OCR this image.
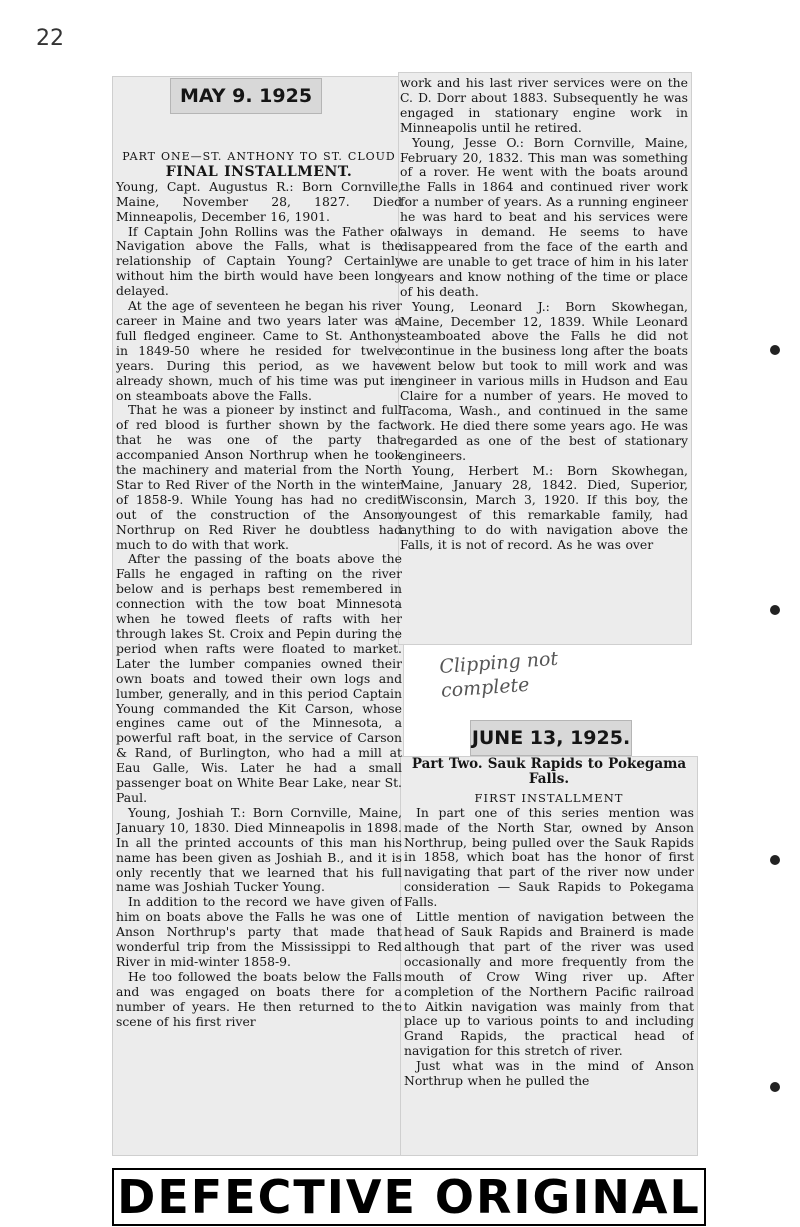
22
MAY 9. 1925

PART ONE—ST. ANTHONY TO ST. CLOUD

FINAL INSTALLMENT.

Young, Capt. Augustus R.: Born Cornville, Maine, November 28, 1827. Died Minneapolis, December 16, 1901.

If Captain John Rollins was the Father of Navigation above the Falls, what is the relationship of Captain Young? Certainly without him the birth would have been long delayed.

At the age of seventeen he began his river career in Maine and two years later was a full fledged engineer. Came to St. Anthony in 1849-50 where he resided for twelve years. During this period, as we have already shown, much of his time was put in on steamboats above the Falls.

That he was a pioneer by instinct and full of red blood is further shown by the fact that he was one of the party that accompanied Anson Northrup when he took the machinery and material from the North Star to Red River of the North in the winter of 1858-9. While Young has had no credit out of the construction of the Anson Northrup on Red River he doubtless had much to do with that work.

After the passing of the boats above the Falls he engaged in rafting on the river below and is perhaps best remembered in connection with the tow boat Minnesota when he towed fleets of rafts with her through lakes St. Croix and Pepin during the period when rafts were floated to market. Later the lumber companies owned their own boats and towed their own logs and lumber, generally, and in this period Captain Young commanded the Kit Carson, whose engines came out of the Minnesota, a powerful raft boat, in the service of Carson & Rand, of Burlington, who had a mill at Eau Galle, Wis. Later he had a small passenger boat on White Bear Lake, near St. Paul.

Young, Joshiah T.: Born Cornville, Maine, January 10, 1830. Died Minneapolis in 1898. In all the printed accounts of this man his name has been given as Joshiah B., and it is only recently that we learned that his full name was Joshiah Tucker Young.

In addition to the record we have given of him on boats above the Falls he was one of Anson Northrup's party that made that wonderful trip from the Mississippi to Red River in mid-winter 1858-9.

He too followed the boats below the Falls and was engaged on boats there for a number of years. He then returned to the scene of his first river

work and his last river services were on the C. D. Dorr about 1883. Subsequently he was engaged in stationary engine work in Minneapolis until he retired.

Young, Jesse O.: Born Cornville, Maine, February 20, 1832. This man was something of a rover. He went with the boats around the Falls in 1864 and continued river work for a number of years. As a running engineer he was hard to beat and his services were always in demand. He seems to have disappeared from the face of the earth and we are unable to get trace of him in his later years and know nothing of the time or place of his death.

Young, Leonard J.: Born Skowhegan, Maine, December 12, 1839. While Leonard steamboated above the Falls he did not continue in the business long after the boats went below but took to mill work and was engineer in various mills in Hudson and Eau Claire for a number of years. He moved to Tacoma, Wash., and continued in the same work. He died there some years ago. He was regarded as one of the best of stationary engineers.

Young, Herbert M.: Born Skowhegan, Maine, January 28, 1842. Died, Superior, Wisconsin, March 3, 1920. If this boy, the youngest of this remarkable family, had anything to do with navigation above the Falls, it is not of record. As he was over

Clipping not complete
JUNE 13, 1925.

Part Two. Sauk Rapids to Pokegama Falls.

FIRST INSTALLMENT

In part one of this series mention was made of the North Star, owned by Anson Northrup, being pulled over the Sauk Rapids in 1858, which boat has the honor of first navigating that part of the river now under consideration — Sauk Rapids to Pokegama Falls.

Little mention of navigation between the head of Sauk Rapids and Brainerd is made although that part of the river was used occasionally and more frequently from the mouth of Crow Wing river up. After completion of the Northern Pacific railroad to Aitkin navigation was mainly from that place up to various points to and including Grand Rapids, the practical head of navigation for this stretch of river.

Just what was in the mind of Anson Northrup when he pulled the

DEFECTIVE ORIGINAL
